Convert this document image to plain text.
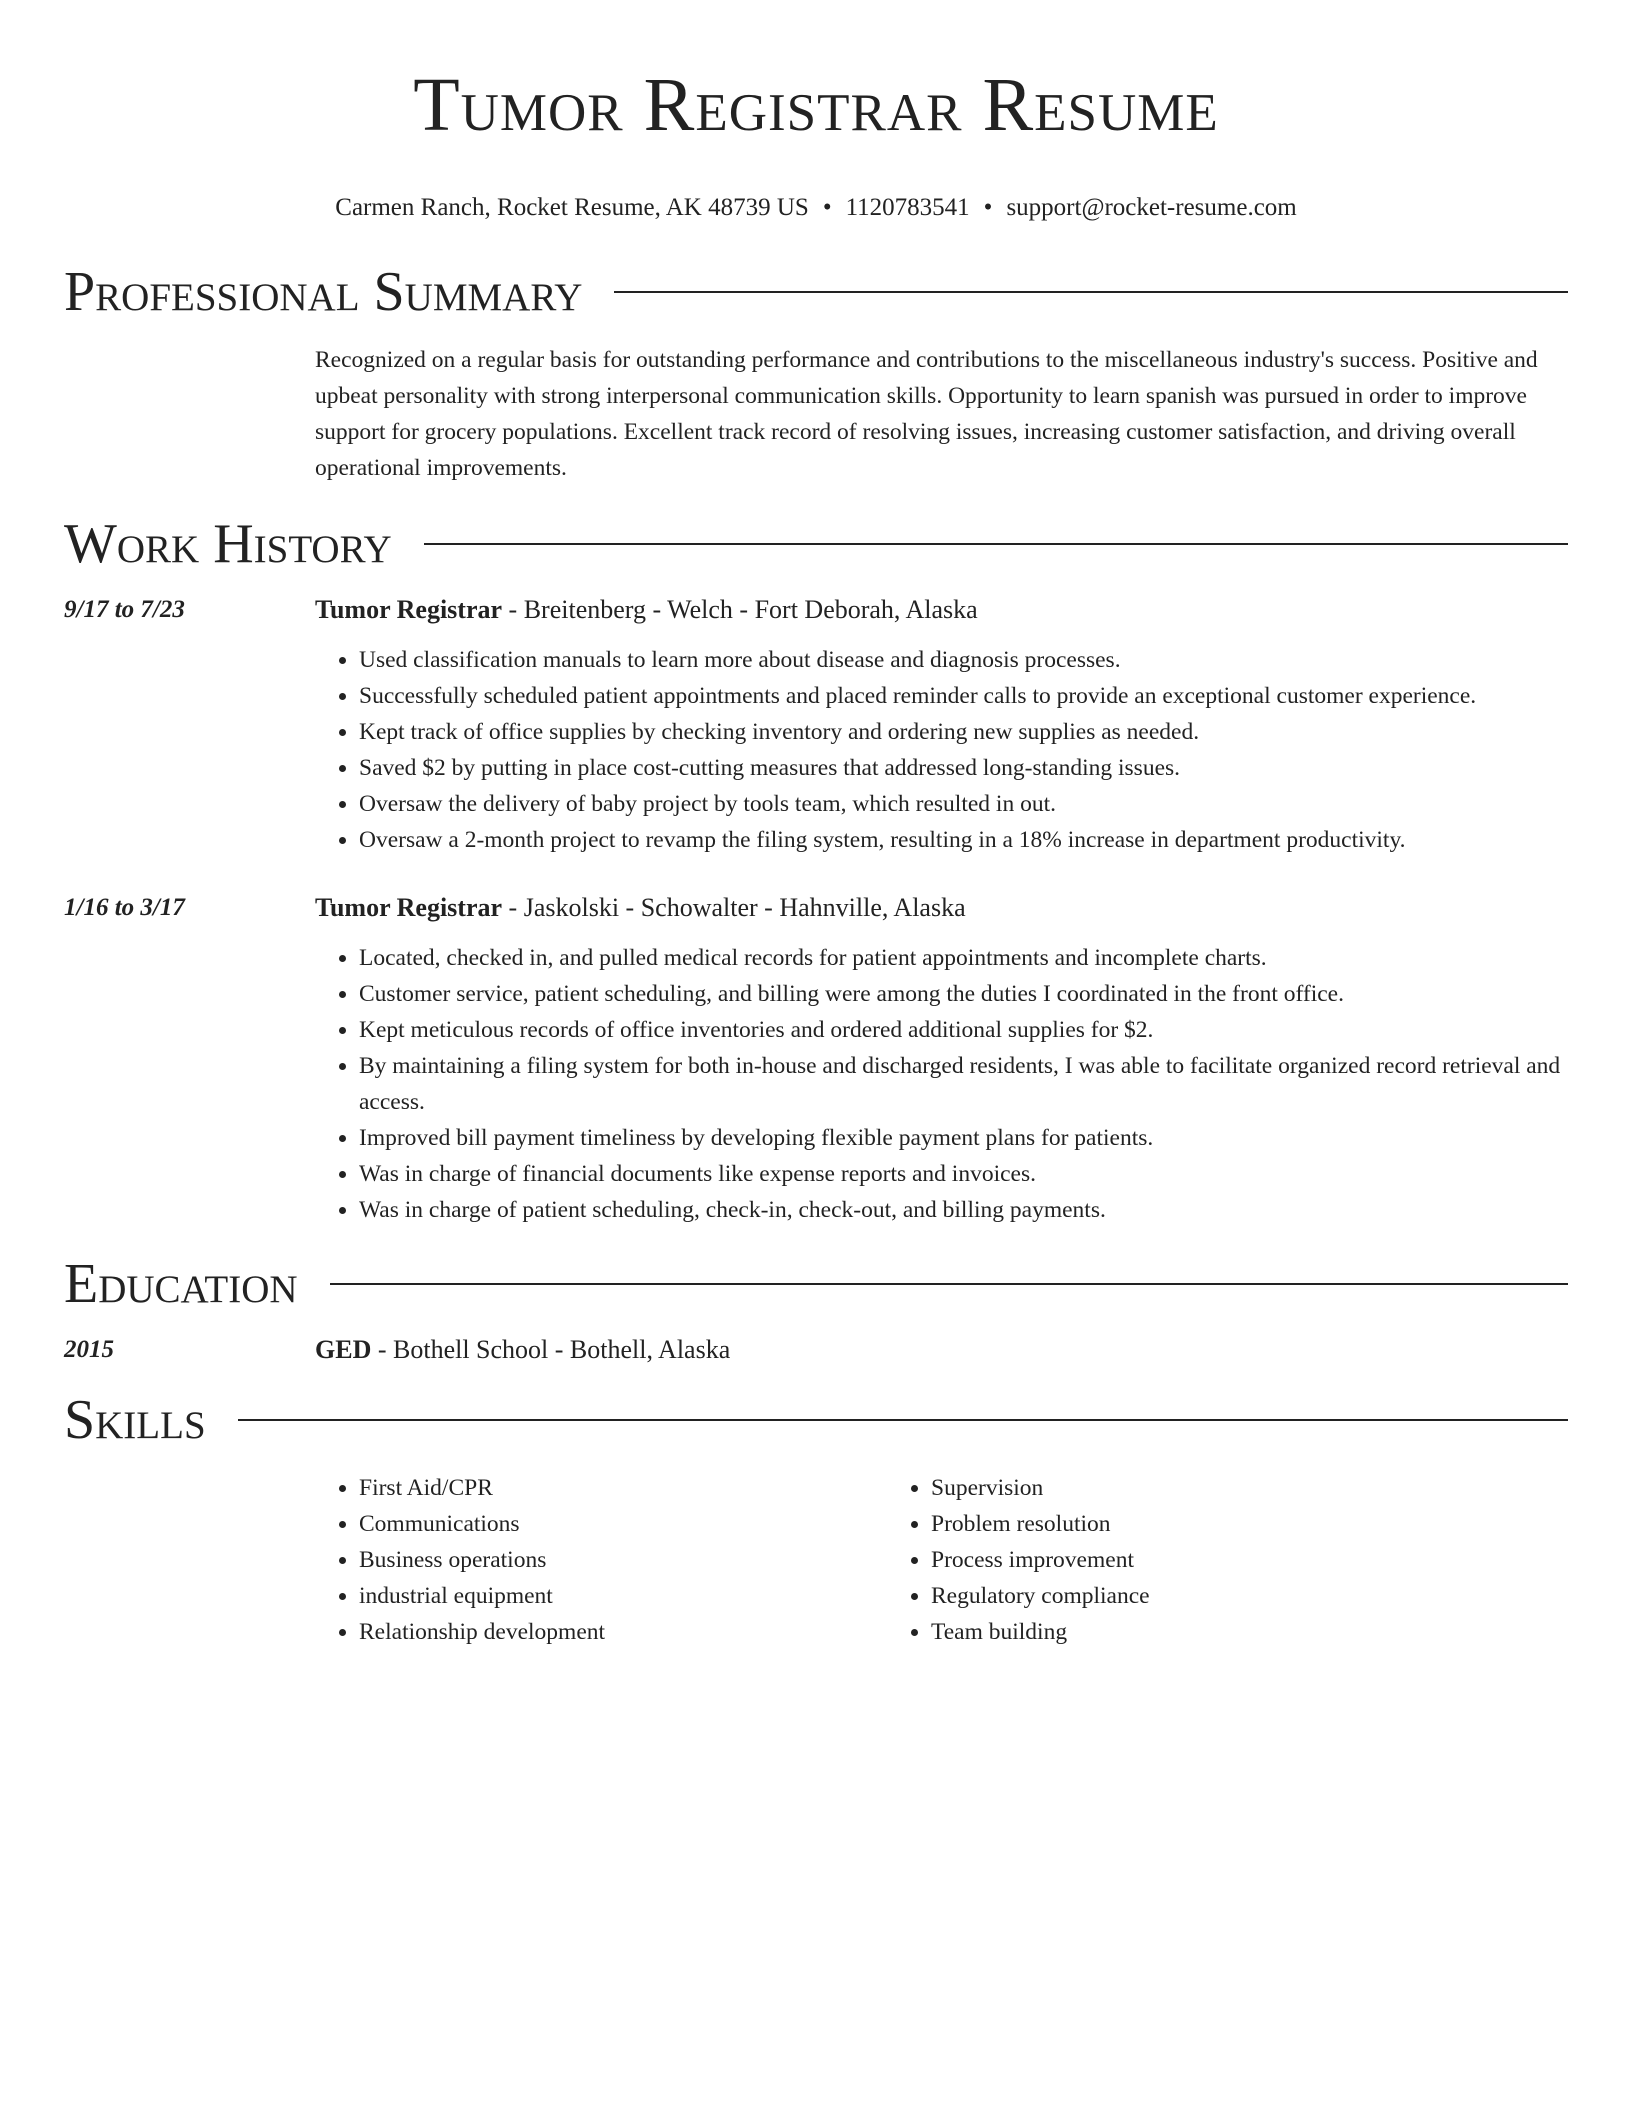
Tumor Registrar Resume
Carmen Ranch, Rocket Resume, AK 48739 US • 1120783541 • support@rocket-resume.com
Professional Summary
Recognized on a regular basis for outstanding performance and contributions to the miscellaneous industry's success. Positive and upbeat personality with strong interpersonal communication skills. Opportunity to learn spanish was pursued in order to improve support for grocery populations. Excellent track record of resolving issues, increasing customer satisfaction, and driving overall operational improvements.
Work History
9/17 to 7/23	Tumor Registrar - Breitenberg - Welch - Fort Deborah, Alaska
• Used classification manuals to learn more about disease and diagnosis processes.
• Successfully scheduled patient appointments and placed reminder calls to provide an exceptional customer experience.
• Kept track of office supplies by checking inventory and ordering new supplies as needed.
• Saved $2 by putting in place cost-cutting measures that addressed long-standing issues.
• Oversaw the delivery of baby project by tools team, which resulted in out.
• Oversaw a 2-month project to revamp the filing system, resulting in a 18% increase in department productivity.
1/16 to 3/17	Tumor Registrar - Jaskolski - Schowalter - Hahnville, Alaska
• Located, checked in, and pulled medical records for patient appointments and incomplete charts.
• Customer service, patient scheduling, and billing were among the duties I coordinated in the front office.
• Kept meticulous records of office inventories and ordered additional supplies for $2.
• By maintaining a filing system for both in-house and discharged residents, I was able to facilitate organized record retrieval and access.
• Improved bill payment timeliness by developing flexible payment plans for patients.
• Was in charge of financial documents like expense reports and invoices.
• Was in charge of patient scheduling, check-in, check-out, and billing payments.
Education
2015	GED - Bothell School - Bothell, Alaska
Skills
• First Aid/CPR
• Communications
• Business operations
• industrial equipment
• Relationship development
• Supervision
• Problem resolution
• Process improvement
• Regulatory compliance
• Team building
